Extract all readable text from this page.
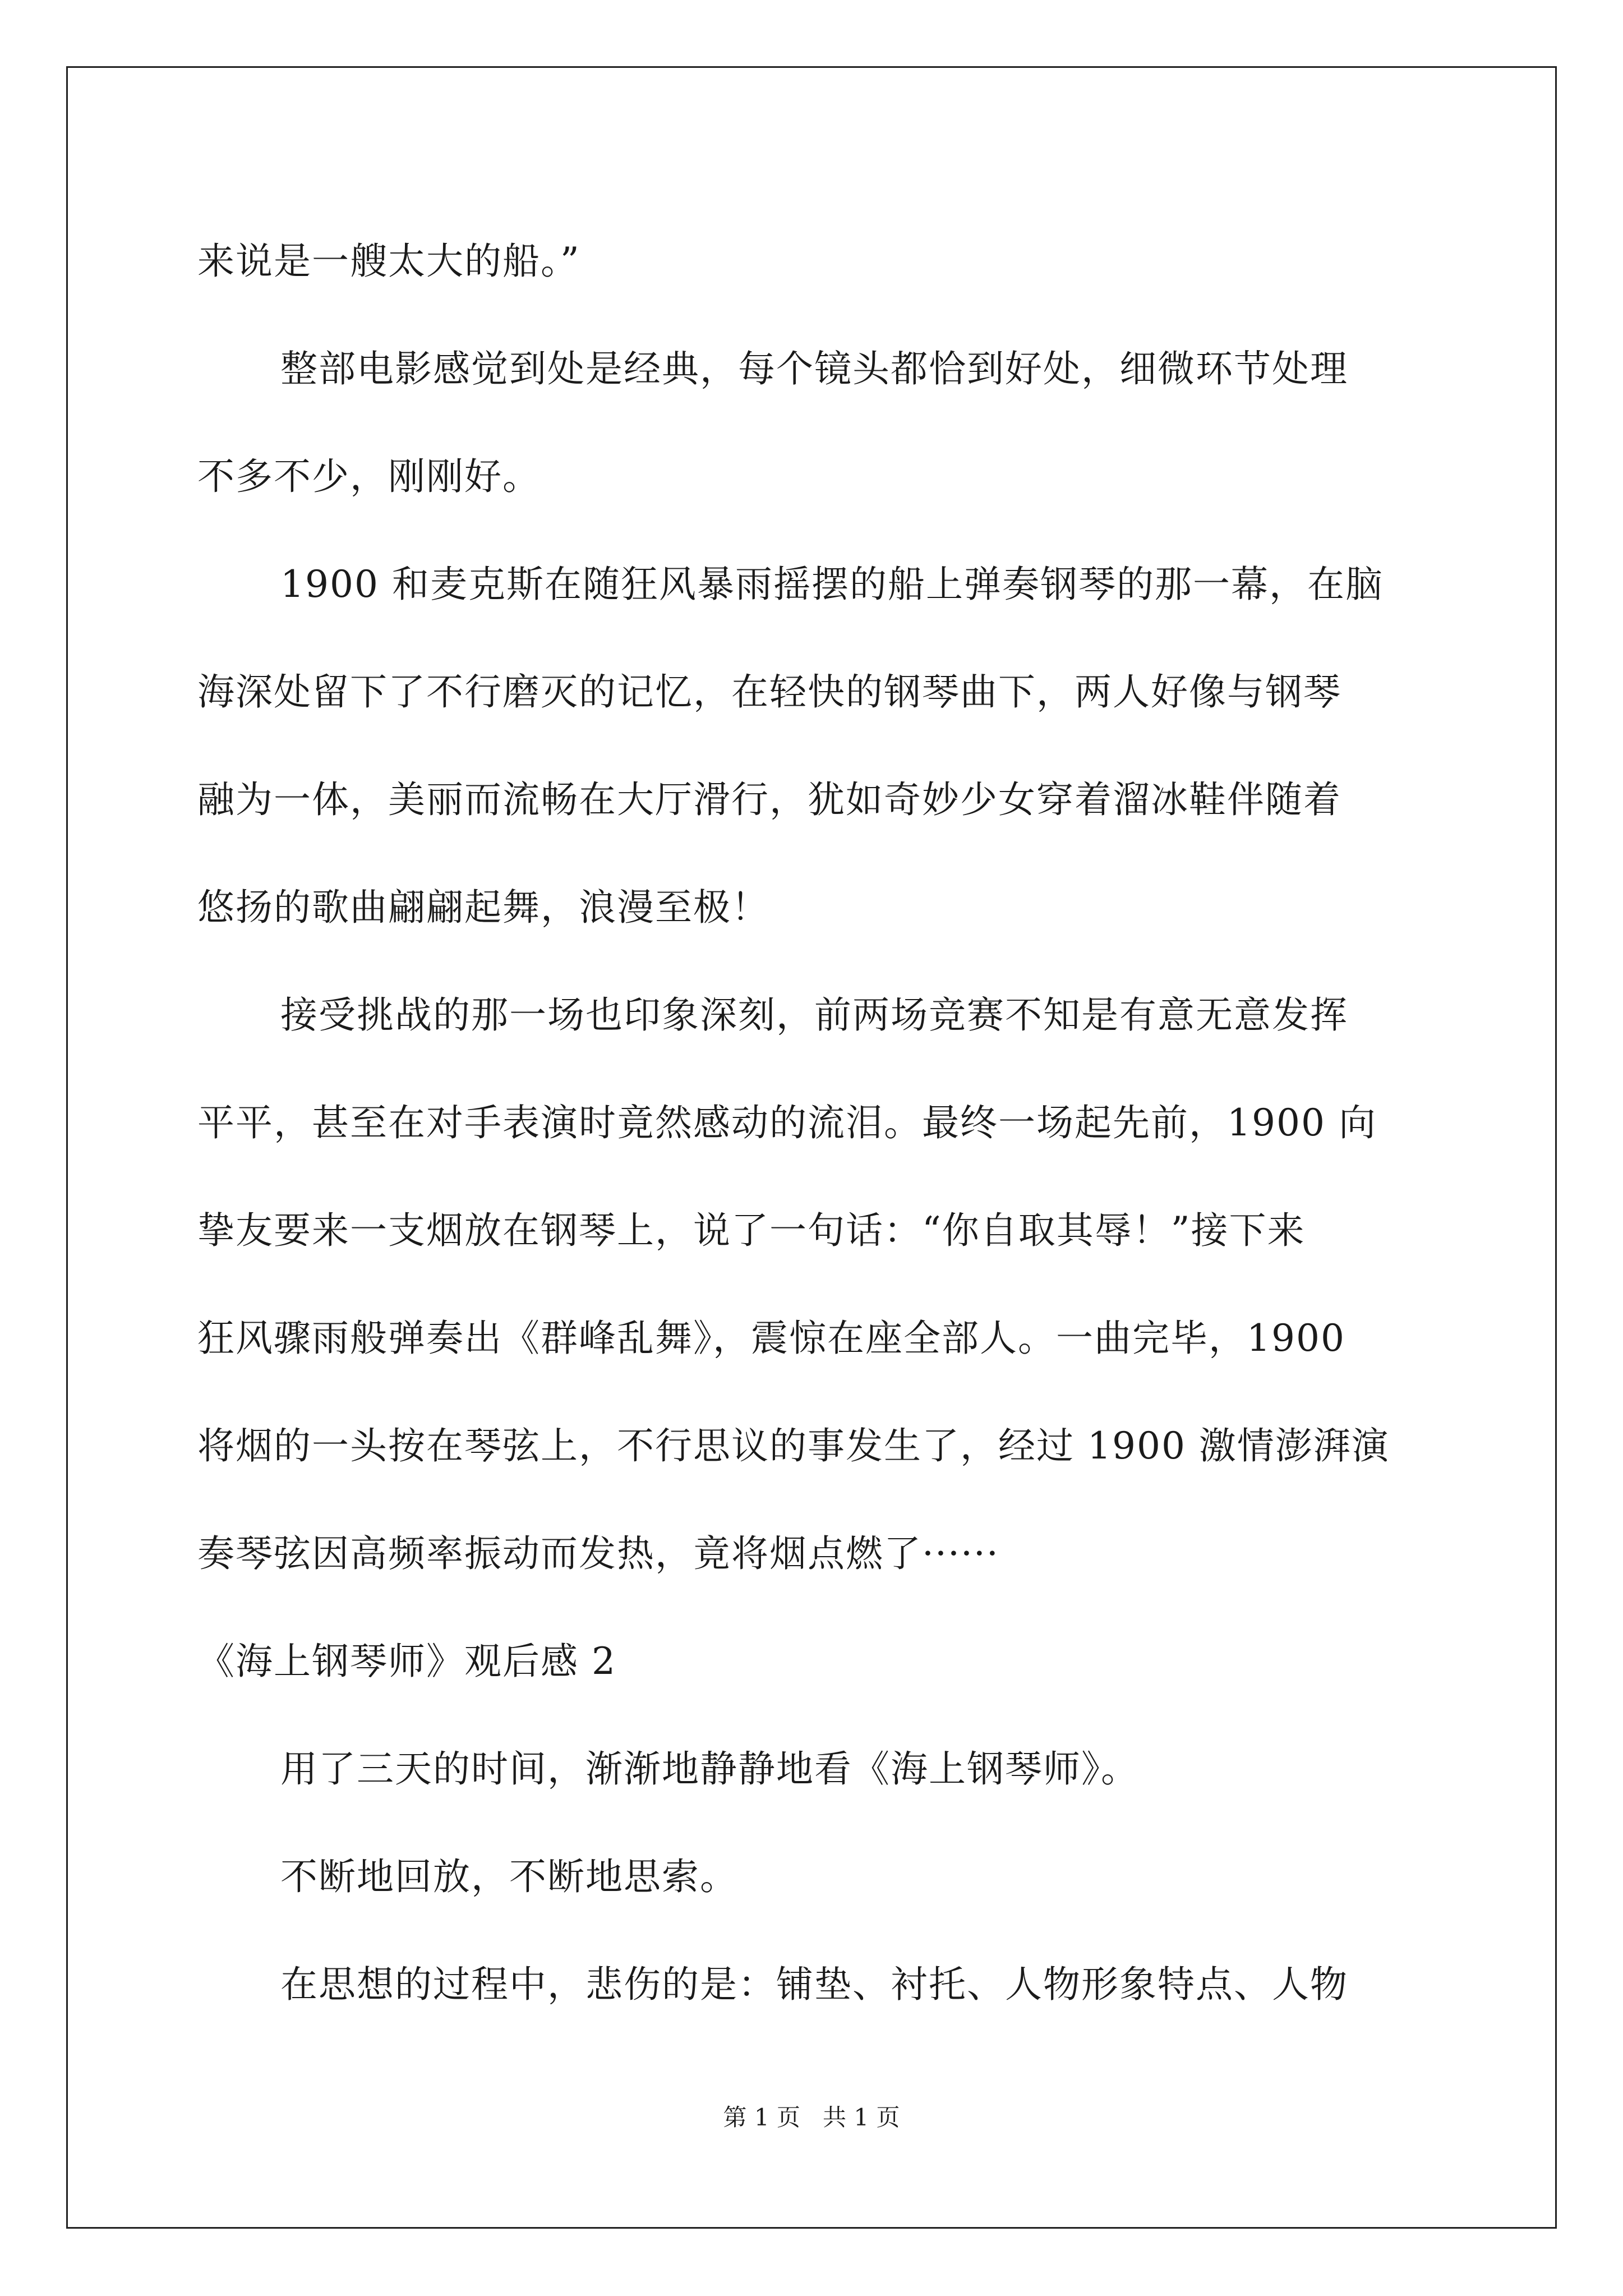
来说是一艘太大的船。”
整部电影感觉到处是经典，每个镜头都恰到好处，细微环节处理
不多不少，刚刚好。
1900 和麦克斯在随狂风暴雨摇摆的船上弹奏钢琴的那一幕，在脑
海深处留下了不行磨灭的记忆，在轻快的钢琴曲下，两人好像与钢琴
融为一体，美丽而流畅在大厅滑行，犹如奇妙少女穿着溜冰鞋伴随着
悠扬的歌曲翩翩起舞，浪漫至极！
接受挑战的那一场也印象深刻，前两场竞赛不知是有意无意发挥
平平，甚至在对手表演时竟然感动的流泪。最终一场起先前，1900 向
挚友要来一支烟放在钢琴上，说了一句话：“你自取其辱！”接下来
狂风骤雨般弹奏出《群峰乱舞》，震惊在座全部人。一曲完毕，1900
将烟的一头按在琴弦上，不行思议的事发生了，经过 1900 激情澎湃演
奏琴弦因高频率振动而发热，竟将烟点燃了······
《海上钢琴师》观后感 2
用了三天的时间，渐渐地静静地看《海上钢琴师》。
不断地回放，不断地思索。
在思想的过程中，悲伤的是：铺垫、衬托、人物形象特点、人物
第 1 页   共 1 页
